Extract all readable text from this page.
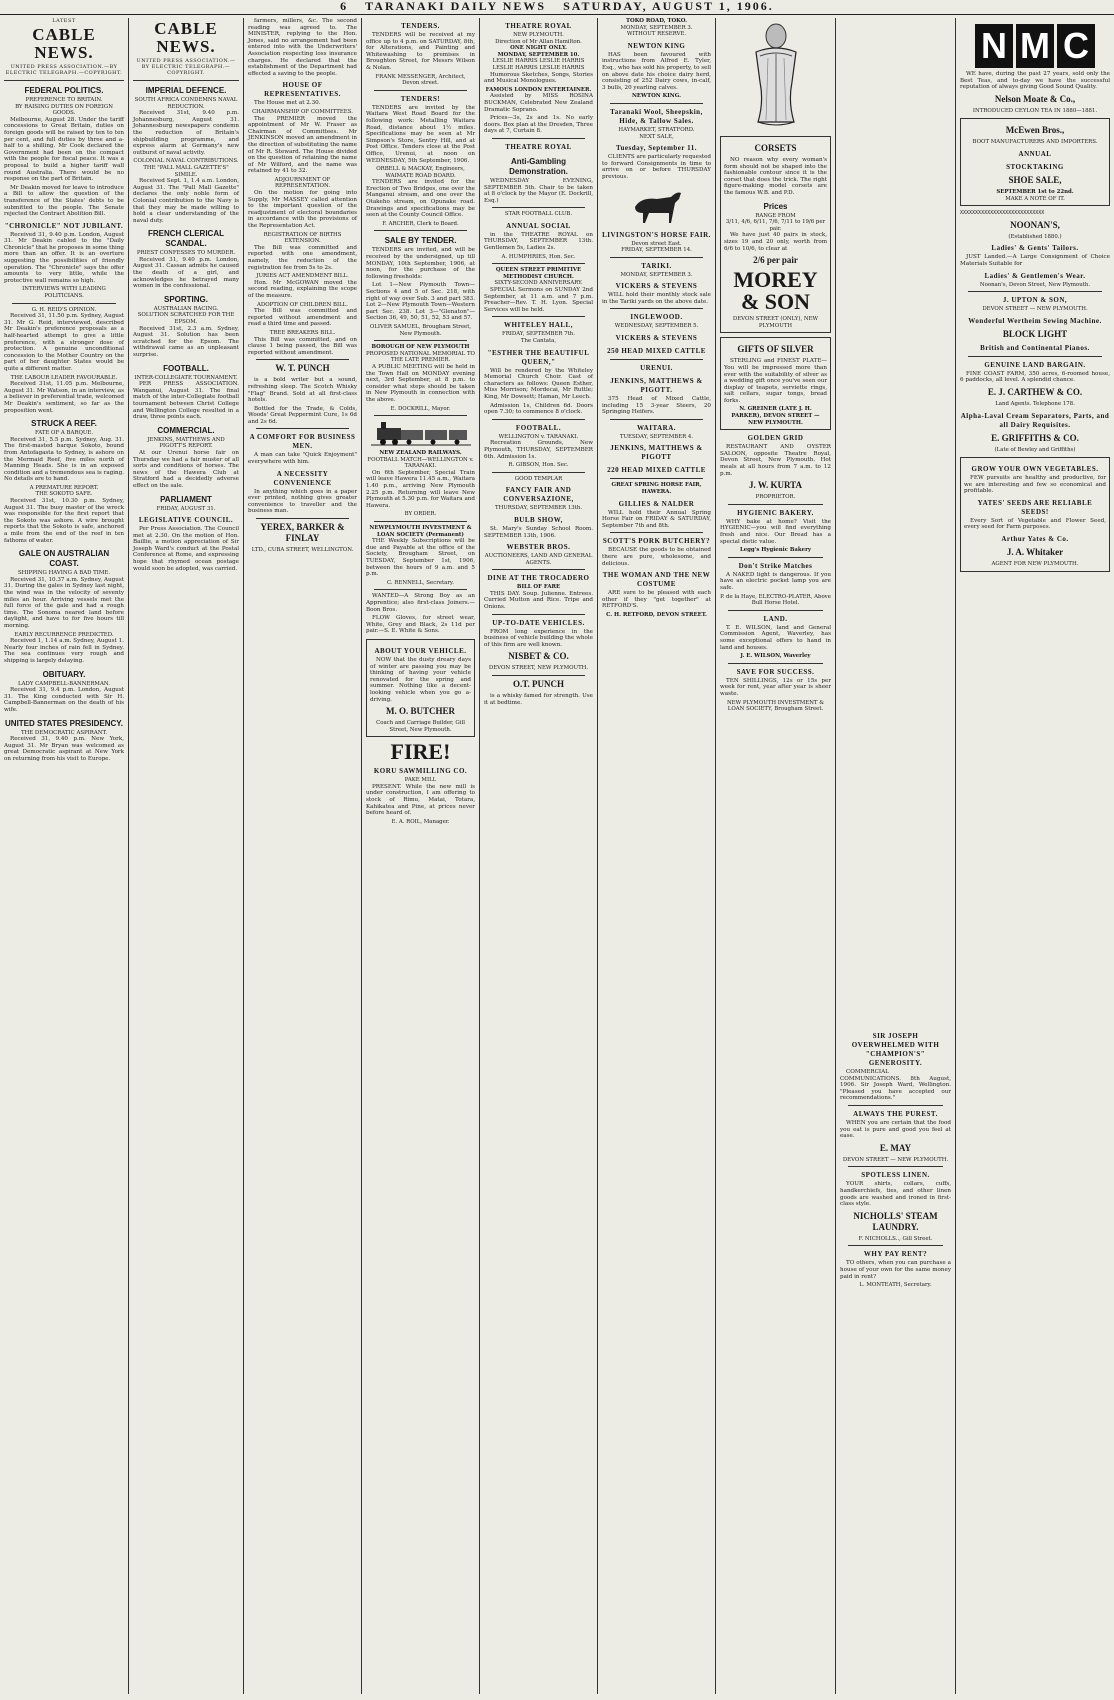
6 TARANAKI DAILY NEWS SATURDAY, AUGUST 1, 1906.
LATEST
CABLE NEWS.
UNITED PRESS ASSOCIATION.—BY ELECTRIC TELEGRAPH.—COPYRIGHT.
FEDERAL POLITICS.
PREFERENCE TO BRITAIN.
BY RAISING DUTIES ON FOREIGN GOODS.

Melbourne, August 28. Under the tariff concessions to Great Britain, duties on foreign goods will be raised by ten to ten per cent, and full duties by three and a-half to a shilling. Mr Cook declared the Government had been on the compact with the people for fiscal peace. It was a proposal to build a higher tariff wall round Australia. There would be no response on the part of Britain.

Mr Deakin moved for leave to introduce a Bill to allow the question of the transference of the States' debts to be submitted to the people. The Senate rejected the Contract Abolition Bill.

"CHRONICLE" NOT JUBILANT.

Received 31, 9.40 p.m. London, August 31. Mr Deakin cabled to the "Daily Chronicle" that he proposes in some thing more than an offer. It is an overture suggesting the possibilities of friendly operation. The "Chronicle" says the offer amounts to very little, while the protective wall remains so high.

INTERVIEWS WITH LEADING POLITICIANS.
G. H. REID'S OPINION.

Received 31, 11.50 p.m. Sydney, August 31. Mr G. Reid, interviewed, described Mr Deakin's preference proposals as a half-hearted attempt to give a little preference, with a stronger dose of protection. A genuine unconditional concession to the Mother Country on the part of her daughter States would be quite a different matter.

THE LABOUR LEADER FAVOURABLE.

Received 31st, 11.05 p.m. Melbourne, August 31. Mr Watson, in an interview, as a believer in preferential trade, welcomed Mr Deakin's sentiment, so far as the proposition went.

STRUCK A REEF.
FATE OF A BARQUE.

Received 31, 5.5 p.m. Sydney, Aug. 31. The first-masted barque Sokoto, bound from Antofagasta to Sydney, is ashore on the Mermaid Reef, five miles north of Manning Heads. She is in an exposed condition and a tremendous sea is raging. No details are to hand.

A PREMATURE REPORT.
THE SOKOTO SAFE.

Received 31st, 10.30 p.m. Sydney, August 31. The busy master of the wreck was responsible for the first report that the Sokoto was ashore. A wire brought reports that the Sokoto is safe, anchored a mile from the end of the reef in ten fathoms of water.

GALE ON AUSTRALIAN COAST.
SHIPPING HAVING A BAD TIME.

Received 31, 10.37 a.m. Sydney, August 31. During the gales in Sydney last night, the wind was in the velocity of seventy miles an hour. Arriving vessels met the full force of the gale and had a rough time. The Sonoma neared land before daylight, and have to for five hours till morning.

EARLY RECURRENCE PREDICTED.

Received 1, 1.14 a.m. Sydney, August 1. Nearly four inches of rain fell in Sydney. The sea continues very rough and shipping is largely delaying.

OBITUARY.
LADY CAMPBELL-BANNERMAN.

Received 31, 9.4 p.m. London, August 31. The King conducted with Sir H. Campbell-Bannerman on the death of his wife.

UNITED STATES PRESIDENCY.
THE DEMOCRATIC ASPIRANT.

Received 31, 9.40 p.m. New York, August 31. Mr Bryan was welcomed as great Democratic aspirant at New York on returning from his visit to Europe.

CABLE NEWS.
UNITED PRESS ASSOCIATION.—BY ELECTRIC TELEGRAPH.—COPYRIGHT.
IMPERIAL DEFENCE.
SOUTH AFRICA CONDEMNS NAVAL REDUCTION.

Received 31st, 9.40 p.m. Johannesburg, August 31. Johannesburg newspapers condemn the reduction of Britain's shipbuilding programme, and express alarm at Germany's new outburst of naval activity.

COLONIAL NAVAL CONTRIBUTIONS.
THE "PALL MALL GAZETTE'S" SIMILE.

Received Sept. 1, 1.4 a.m. London, August 31. The "Pall Mall Gazette" declares the only noble form of Colonial contribution to the Navy is that they may be made willing to hold a clear understanding of the naval duty.

FRENCH CLERICAL SCANDAL.
PRIEST CONFESSES TO MURDER.

Received 31, 9.40 p.m. London, August 31. Cassan admits he caused the death of a girl, and acknowledges he betrayed many women in the confessional.

SPORTING.
AUSTRALIAN RACING.
SOLUTION SCRATCHED FOR THE EPSOM.

Received 31st, 2.3 a.m. Sydney, August 31. Solution has been scratched for the Epsom. The withdrawal came as an unpleasant surprise.

FOOTBALL.
INTER-COLLEGIATE TOURNAMENT.

PER PRESS ASSOCIATION. Wanganui, August 31. The final match of the inter-Collegiate football tournament between Christ College and Wellington College resulted in a draw, three points each.

COMMERCIAL.
JENKINS, MATTHEWS AND PIGOTT'S REPORT.

At our Urenui horse fair on Thursday we had a fair muster of all sorts and conditions of horses. The news of the Hawera Club at Stratford had a decidedly adverse effect on the sale.

PARLIAMENT
FRIDAY, AUGUST 31.
LEGISLATIVE COUNCIL.

Per Press Association. The Council met at 2.30. On the motion of Hon. Baillie, a motion appreciation of Sir Joseph Ward's conduct at the Postal Conference at Rome, and expressing hope that rhymed ocean postage would soon be adopted, was carried.

farmers, millers, &c. The second reading was agreed to. The MINISTER, replying to the Hon. Jones, said no arrangement had been entered into with the Underwriters' Association respecting loss insurance charges. He declared that the establishment of the Department had effected a saving to the people.

HOUSE OF REPRESENTATIVES.

The House met at 2.30.

CHAIRMANSHIP OF COMMITTEES.

The PREMIER moved the appointment of Mr W. Fraser as Chairman of Committees. Mr JENKINSON moved an amendment in the direction of substituting the name of Mr R. Steward. The House divided on the question of retaining the name of Mr Wilford, and the name was retained by 41 to 32.

ADJOURNMENT OF REPRESENTATION.

On the motion for going into Supply, Mr MASSEY called attention to the important question of the readjustment of electoral boundaries in accordance with the provisions of the Representation Act.

REGISTRATION OF BIRTHS EXTENSION.

The Bill was committed and reported with one amendment, namely, the reduction of the registration fee from 5s to 2s.

JURIES ACT AMENDMENT BILL.

Hon. Mr McGOWAN moved the second reading, explaining the scope of the measure.

ADOPTION OF CHILDREN BILL.

The Bill was committed and reported without amendment and read a third time and passed.

TREE BREAKERS BILL.

This Bill was committed, and on clause 1 being passed, the Bill was reported without amendment.

W. T. PUNCH

is a bold writer but a sound, refreshing sleep. The Scotch Whisky "Flag" Brand. Sold at all first-class hotels.

Bottled for the Trade, & Colds, Woods' Great Peppermint Cure, 1s 6d and 2s 6d.

A COMFORT FOR BUSINESS MEN.

A man can take "Quick Enjoyment" everywhere with him.

A NECESSITY CONVENIENCE

In anything which goes in a paper ever printed, nothing gives greater convenience to traveller and the business man.

YEREX, BARKER & FINLAY
LTD., CUBA STREET, WELLINGTON.
TENDERS.

TENDERS will be received at my office up to 4 p.m. on SATURDAY, 8th, for Alterations, and Painting and Whitewashing to premises in Broughton Street, for Messrs Wilson & Nolan.

FRANK MESSENGER, Architect, Devon street.
TENDERS!

TENDERS are invited by the Waitara West Road Board for the following work: Metalling Waitara Road, distance about 1½ miles. Specifications may be seen at Mr Simpson's Store, Sentry Hill, and at Post Office. Tenders close at the Post Office, Urenui, at noon on WEDNESDAY, 5th September, 1906.

ORBELL & MACKAY, Engineers, WAIMATE ROAD BOARD.

TENDERS are invited for the Erection of Two Bridges, one over the Manganui stream, and one over the Otakeho stream, on Opunake road. Drawings and specifications may be seen at the County Council Office.

F. ARCHER, Clerk to Board.
SALE BY TENDER.

TENDERS are invited, and will be received by the undersigned, up till MONDAY, 10th September, 1906, at noon, for the purchase of the following freeholds:

Lot 1—New Plymouth Town—Sections 4 and 5 of Sec. 218, with right of way over Sub. 3 and part 383. Lot 2—New Plymouth Town—Western part Sec. 238. Lot 3—"Glenaton"—Section 36, 49, 50, 51, 52, 53 and 57.

OLIVER SAMUEL, Brougham Street, New Plymouth.
BOROUGH OF NEW PLYMOUTH
PROPOSED NATIONAL MEMORIAL TO THE LATE PREMIER.

A PUBLIC MEETING will be held in the Town Hall on MONDAY evening next, 3rd September, at 8 p.m. to consider what steps should be taken in New Plymouth in connection with the above.

E. DOCKRILL, Mayor.
NEW ZEALAND RAILWAYS.
FOOTBALL MATCH—WELLINGTON v. TARANAKI.

On 6th September, Special Train will leave Hawera 11.45 a.m., Waitara 1.40 p.m., arriving New Plymouth 2.25 p.m. Returning will leave New Plymouth at 5.30 p.m. for Waitara and Hawera.

BY ORDER.
NEWPLYMOUTH INVESTMENT & LOAN SOCIETY (Permanent)

THE Weekly Subscriptions will be due and Payable at the office of the Society, Brougham Street, on TUESDAY, September 1st, 1906, between the hours of 9 a.m. and 5 p.m.

C. RENNELL, Secretary.

WANTED—A Strong Boy as an Apprentice; also first-class Joiners.—Boon Bros.

FLOW Gloves, for street wear, White, Grey and Black, 2s 11d per pair.—S. E. White & Sons.

ABOUT YOUR VEHICLE.

NOW that the dusty dreary days of winter are passing you may be thinking of having your vehicle renovated for the spring and summer. Nothing like a decent-looking vehicle when you go a-driving.

M. O. BUTCHER
Coach and Carriage Builder, Gill Street, New Plymouth.
FIRE!
KORU SAWMILLING CO.
PAKE MILL

PRESENT. While the new mill is under construction, I am offering to stock of Rimu, Matai, Totara, Kahikatea and Pine, at prices never before heard of.

E. A. ROIL, Manager.
THEATRE ROYAL
NEW PLYMOUTH.
Direction of Mr Allan Hamilton.
ONE NIGHT ONLY.
MONDAY, SEPTEMBER 10.
LESLIE HARRIS LESLIE HARRIS
LESLIE HARRIS LESLIE HARRIS

Humorous Sketches, Songs, Stories and Musical Monologues.

FAMOUS LONDON ENTERTAINER.

Assisted by MISS ROSINA BUCKMAN, Celebrated New Zealand Dramatic Soprano.

Prices—3s, 2s and 1s. No early doors. Box plan at the Dresden, Three days at 7, Curtain 8.

THEATRE ROYAL
Anti-Gambling Demonstration.

WEDNESDAY EVENING, SEPTEMBER 5th. Chair to be taken at 8 o'clock by the Mayor (E. Dockrill, Esq.)

STAR FOOTBALL CLUB.
ANNUAL SOCIAL

in the THEATRE ROYAL on THURSDAY, SEPTEMBER 13th. Gentlemen 5s, Ladies 2s.

A. HUMPHRIES, Hon. Sec.
QUEEN STREET PRIMITIVE METHODIST CHURCH.
SIXTY-SECOND ANNIVERSARY.

SPECIAL Sermons on SUNDAY 2nd September, at 11 a.m. and 7 p.m. Preacher—Rev. T. H. Lyon. Special Services will be held.

WHITELEY HALL,
FRIDAY, SEPTEMBER 7th.
The Cantata,
"ESTHER THE BEAUTIFUL QUEEN,"

Will be rendered by the Whiteley Memorial Church Choir. Cast of characters as follows: Queen Esther, Miss Morrison; Mordecai, Mr Ruttle; King, Mr Dowsett; Haman, Mr Leech.

Admission 1s, Children 6d. Doors open 7.30; to commence 8 o'clock.

FOOTBALL.
WELLINGTON v. TARANAKI.

Recreation Grounds, New Plymouth, THURSDAY, SEPTEMBER 6th. Admission 1s.

R. GIBSON, Hon. Sec.
GOOD TEMPLAR
FANCY FAIR AND CONVERSAZIONE,
THURSDAY, SEPTEMBER 13th.
BULB SHOW,

St. Mary's Sunday School Room. SEPTEMBER 13th, 1906.

WEBSTER BROS.
AUCTIONEERS, LAND AND GENERAL AGENTS.
DINE AT THE TROCADERO
BILL OF FARE

THIS DAY. Soup. Julienne. Entrees. Curried Mutton and Rice. Tripe and Onions.

UP-TO-DATE VEHICLES.

FROM long experience in the business of vehicle building the whole of this firm are well known.

NISBET & CO.
DEVON STREET, NEW PLYMOUTH.
O.T. PUNCH

is a whisky famed for strength. Use it at bedtime.

TOKO ROAD, TOKO.
MONDAY, SEPTEMBER 3.
WITHOUT RESERVE.
NEWTON KING

HAS been favoured with instructions from Alfred E. Tyler, Esq., who has sold his property, to sell on above date his choice dairy herd, consisting of 252 Dairy cows, in-calf, 3 bulls, 20 yearling calves.

NEWTON KING.
Taranaki Wool, Sheepskin, Hide, & Tallow Sales.
HAYMARKET, STRATFORD.
NEXT SALE,
Tuesday, September 11.

CLIENTS are particularly requested to forward Consignments in time to arrive on or before THURSDAY previous.

LIVINGSTON'S HORSE FAIR.
Devon street East.
FRIDAY, SEPTEMBER 14.
TARIKI.
MONDAY, SEPTEMBER 3.
VICKERS & STEVENS

WILL hold their monthly stock sale in the Tariki yards on the above date.

INGLEWOOD.
WEDNESDAY, SEPTEMBER 5.
VICKERS & STEVENS
250 HEAD MIXED CATTLE
URENUI.
JENKINS, MATTHEWS & PIGOTT.

375 Head of Mixed Cattle, including 15 3-year Steers, 20 Springing Heifers.

WAITARA.
TUESDAY, SEPTEMBER 4.
JENKINS, MATTHEWS & PIGOTT
220 HEAD MIXED CATTLE
GREAT SPRING HORSE FAIR, HAWERA.
GILLIES & NALDER

WILL hold their Annual Spring Horse Fair on FRIDAY & SATURDAY, September 7th and 8th.

SCOTT'S PORK BUTCHERY?

BECAUSE the goods to be obtained there are pure, wholesome, and delicious.

THE WOMAN AND THE NEW COSTUME

ARE sure to be pleased with each other if they "get together" at RETFORD'S.

C. H. RETFORD, DEVON STREET.
CORSETS

NO reason why every woman's form should not be shaped into the fashionable contour since it is the corset that does the trick. The right figure-making model corsets are the famous W.B. and P.D.

Prices
RANGE FROM
3/11, 4/6, 6/11, 7/6, 7/11 to 19/6 per pair.

We have just 40 pairs in stock, sizes 19 and 20 only, worth from 6/6 to 10/6, to clear at

2/6 per pair
MOREY & SON
DEVON STREET (ONLY), NEW PLYMOUTH
GIFTS OF SILVER

STERLING and FINEST PLATE—You will be impressed more than ever with the suitability of silver as a wedding gift once you've seen our display of teapots, serviette rings, salt cellars, sugar tongs, bread forks.

N. GREINER (LATE J. H. PARKER), DEVON STREET — NEW PLYMOUTH.
GOLDEN GRID

RESTAURANT AND OYSTER SALOON, opposite Theatre Royal, Devon Street, New Plymouth. Hot meals at all hours from 7 a.m. to 12 p.m.

J. W. KURTA
PROPRIETOR.
HYGIENIC BAKERY.

WHY bake at home? Visit the HYGIENIC—you will find everything fresh and nice. Our Bread has a special dietic value.

Legg's Hygienic Bakery
Don't Strike Matches

A NAKED light is dangerous. If you have an electric pocket lamp you are safe.

P. de la Haye, ELECTRO-PLATER, Above Bull Horse Hotel.
LAND.

T. E. WILSON, land and General Commission Agent, Waverley, has some exceptional offers to hand in land and houses.

J. E. WILSON, Waverley
SAVE FOR SUCCESS.

TEN SHILLINGS, 12s or 15s per week for rent, year after year is sheer waste.

NEW PLYMOUTH INVESTMENT & LOAN SOCIETY, Brougham Street.
SIR JOSEPH OVERWHELMED WITH "CHAMPION'S" GENEROSITY.

COMMERCIAL COMMUNICATIONS. 8th August, 1906. Sir Joseph Ward, Wellington. "Pleased you have accepted our recommendations."

ALWAYS THE PUREST.

WHEN you are certain that the food you eat is pure and good you feel at ease.

E. MAY
DEVON STREET — NEW PLYMOUTH.
SPOTLESS LINEN.

YOUR shirts, collars, cuffs, handkerchiefs, ties, and other linen goods are washed and ironed in first-class style.

NICHOLLS' STEAM LAUNDRY.
F. NICHOLLS.., Gill Street.
WHY PAY RENT?

TO others, when you can purchase a house of your own for the same money paid in rent?

L. MONTEATH, Secretary.
N M C

WE have, during the past 27 years, sold only the Best Teas, and to-day we have the successful reputation of always giving Good Sound Quality.

Nelson Moate & Co.,
INTRODUCED CEYLON TEA IN 1880—1881.
McEwen Bros.,
BOOT MANUFACTURERS AND IMPORTERS.
ANNUAL
STOCKTAKING
SHOE SALE,
SEPTEMBER 1st to 22nd.
MAKE A NOTE OF IT.
XXXXXXXXXXXXXXXXXXXXXXXXXXXX
NOONAN'S,
(Established 1880.)
Ladies' & Gents' Tailors.

JUST Landed.—A Large Consignment of Choice Materials Suitable for

Ladies' & Gentlemen's Wear.
Noonan's, Devon Street, New Plymouth.
J. UPTON & SON,
DEVON STREET — NEW PLYMOUTH.
Wonderful Wertheim Sewing Machine.
BLOCK LIGHT
British and Continental Pianos.
GENUINE LAND BARGAIN.

FINE COAST FARM, 350 acres, 6-roomed house, 6 paddocks, all level. A splendid chance.

E. J. CARTHEW & CO.
Land Agents. Telephone 178.
Alpha-Laval Cream Separators, Parts, and all Dairy Requisites.
E. GRIFFITHS & CO.
(Late of Bewley and Griffiths)
GROW YOUR OWN VEGETABLES.

FEW pursuits are healthy and productive, for we are interesting and few so economical and profitable.

YATES' SEEDS ARE RELIABLE SEEDS!

Every Sort of Vegetable and Flower Seed, every seed for Farm purposes.

Arthur Yates & Co.
J. A. Whitaker
AGENT FOR NEW PLYMOUTH.
